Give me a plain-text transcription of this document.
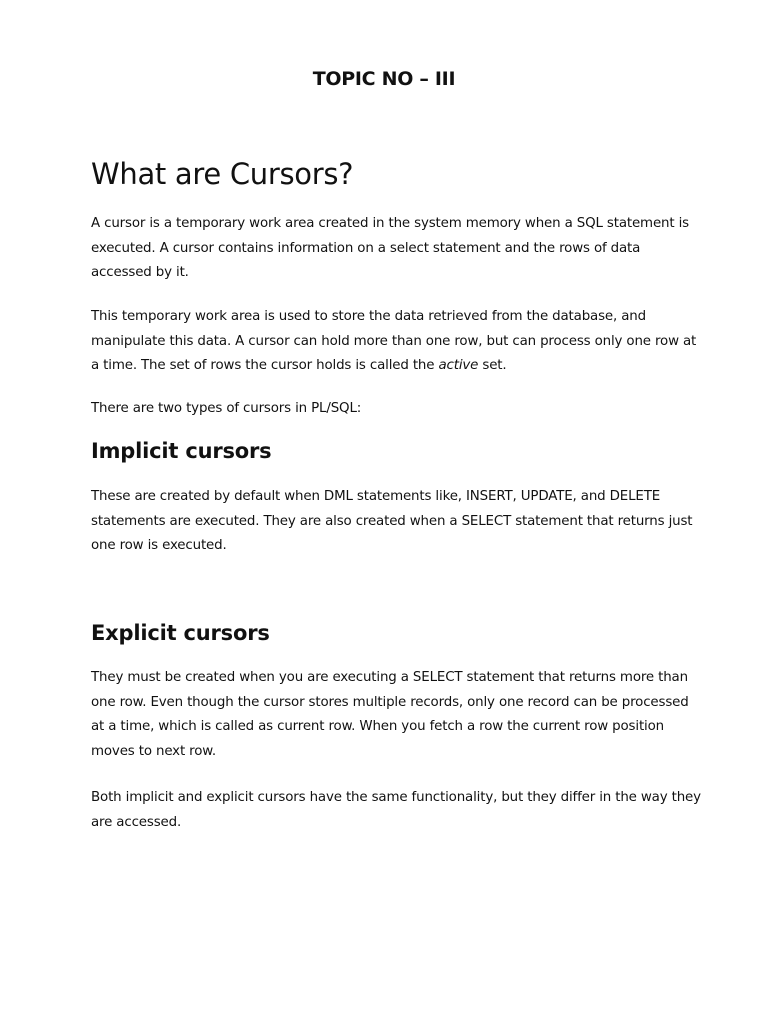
TOPIC NO – III
What are Cursors?

A cursor is a temporary work area created in the system memory when a SQL statement is executed. A cursor contains information on a select statement and the rows of data accessed by it.

This temporary work area is used to store the data retrieved from the database, and manipulate this data. A cursor can hold more than one row, but can process only one row at a time. The set of rows the cursor holds is called the active set.

There are two types of cursors in PL/SQL:

Implicit cursors

These are created by default when DML statements like, INSERT, UPDATE, and DELETE statements are executed. They are also created when a SELECT statement that returns just one row is executed.

Explicit cursors

They must be created when you are executing a SELECT statement that returns more than one row. Even though the cursor stores multiple records, only one record can be processed at a time, which is called as current row. When you fetch a row the current row position moves to next row.

Both implicit and explicit cursors have the same functionality, but they differ in the way they are accessed.
